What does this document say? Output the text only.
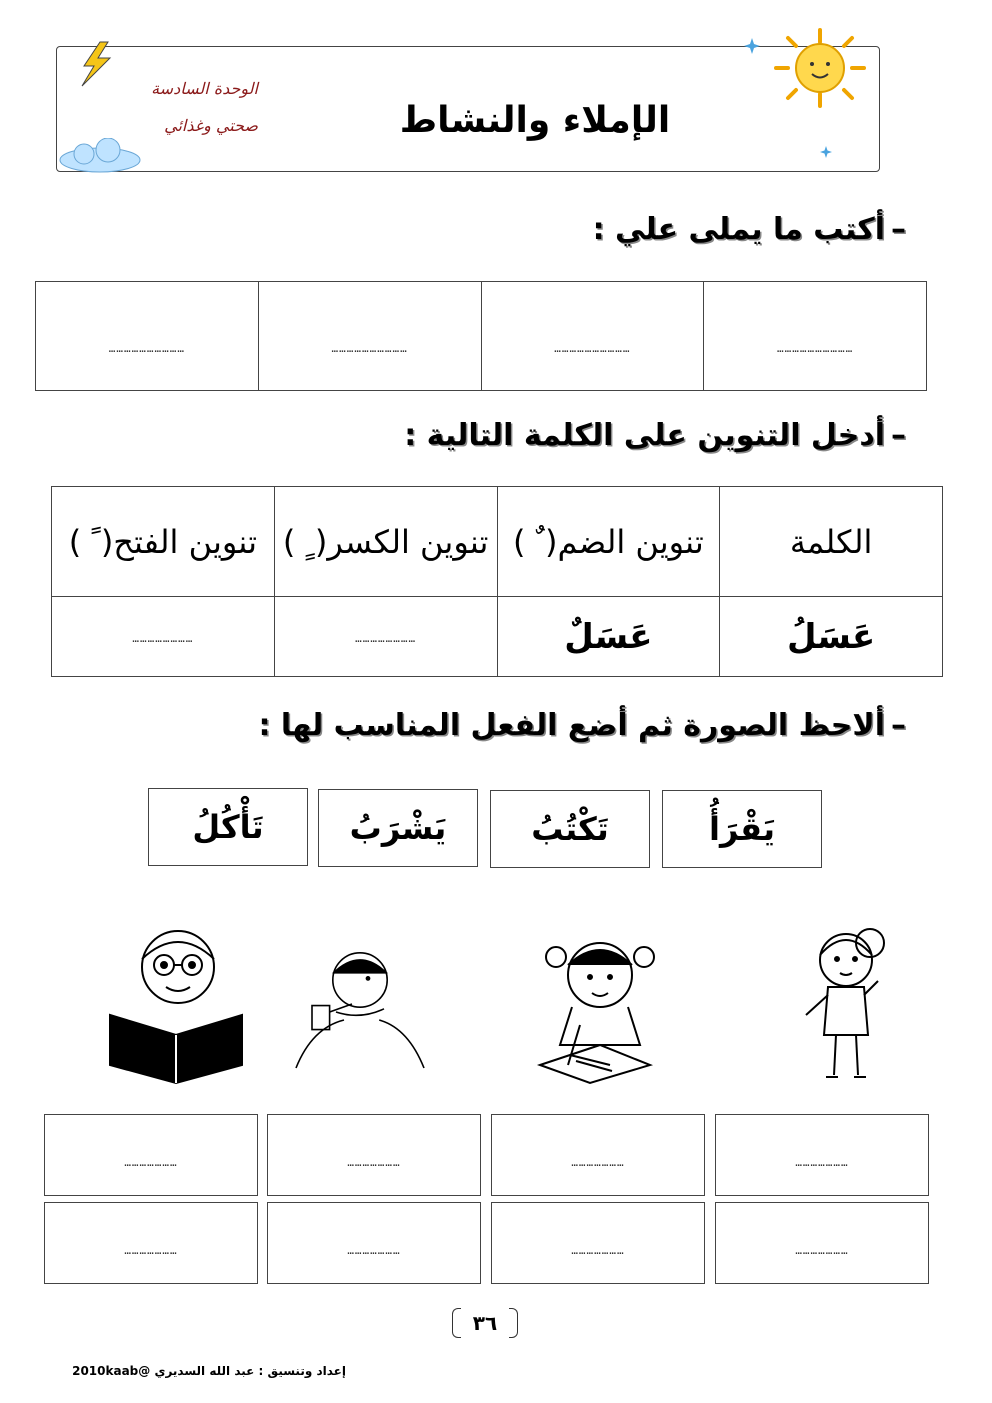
الوحدة السادسة
صحتي وغذائي	الإملاء والنشاط
–أكتب ما يملى علي :
…………………………	…………………………	…………………………	…………………………
–أدخل التنوين على الكلمة التالية :
الكلمة	تنوين الضم( ٌ )	تنوين الكسر( ٍ )	تنوين الفتح( ً )
عَسَلُ	عَسَلٌ	……………………	……………………
–ألاحظ الصورة ثم أضع الفعل المناسب لها :
يَقْرَأُ
تَكْتُبُ
يَشْرَبُ
تَأْكُلُ
…………………
…………………
…………………
…………………
…………………
…………………
…………………
…………………
٣٦
إعداد وتنسيق : عبد الله السديري @2010kaab
